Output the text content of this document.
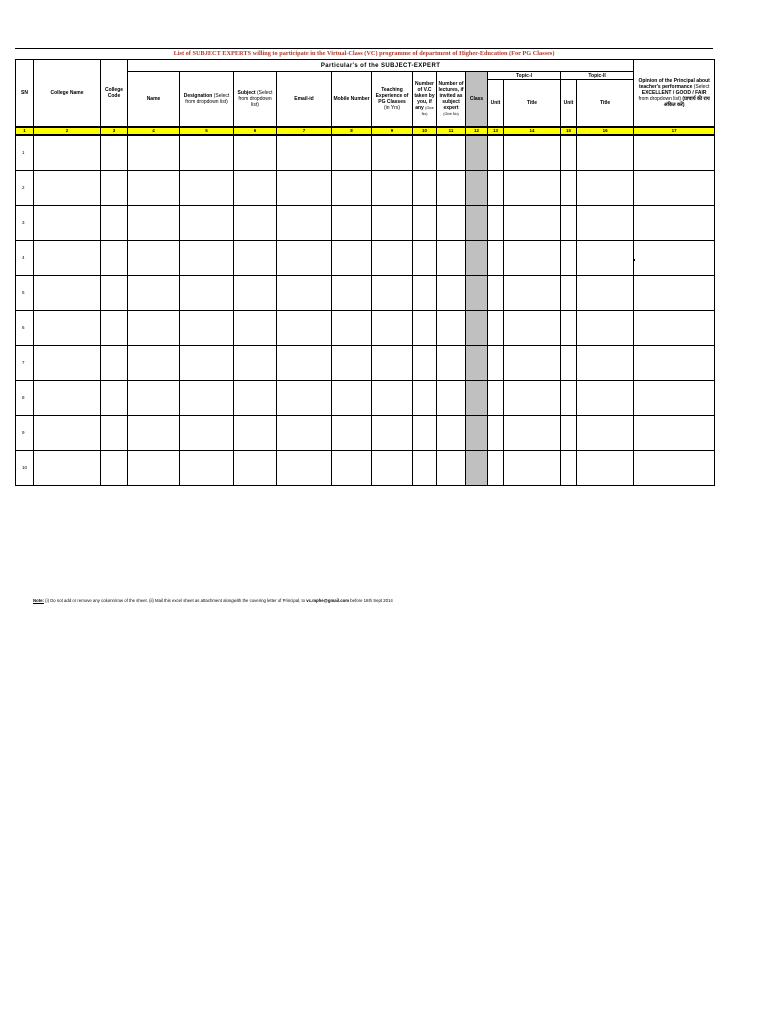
List of SUBJECT EXPERTS willing to participate in the Virtual-Class (VC) programme of department of Higher-Education (For PG Classes)
SN	College Name	College Code	Particular's of the SUBJECT-EXPERT													Opinion of the Principal about teacher's performance (Select
EXCELLENT / GOOD / FAIR
from dropdown list) (प्राचार्य की राय अंकित करें)
			Name	Designation (Select from dropdown list)	Subject (Select from dropdown list)	Email-id	Mobile Number	Teaching Experience of PG Classes
(in Yrs)	Number of V.C taken by you, if any (Give No)	Number of lectures, if invited as subject expert
(Give No)	Class	Topic-I		Topic-II		
												Unit	Title	Unit	Title	
1	2	3	4	5	6	7	8	9	10	11	12	13	14	15	16	17
1																
2																
3																
4																
5																
6																
7																
8																
9																
10																
Note: (i) Do not add or remove any column/row of the sheet. (ii) Mail this excel sheet as attachment alongwith the covering letter of Principal, to vc.mphe@gmail.com before 16th Sept 2014
